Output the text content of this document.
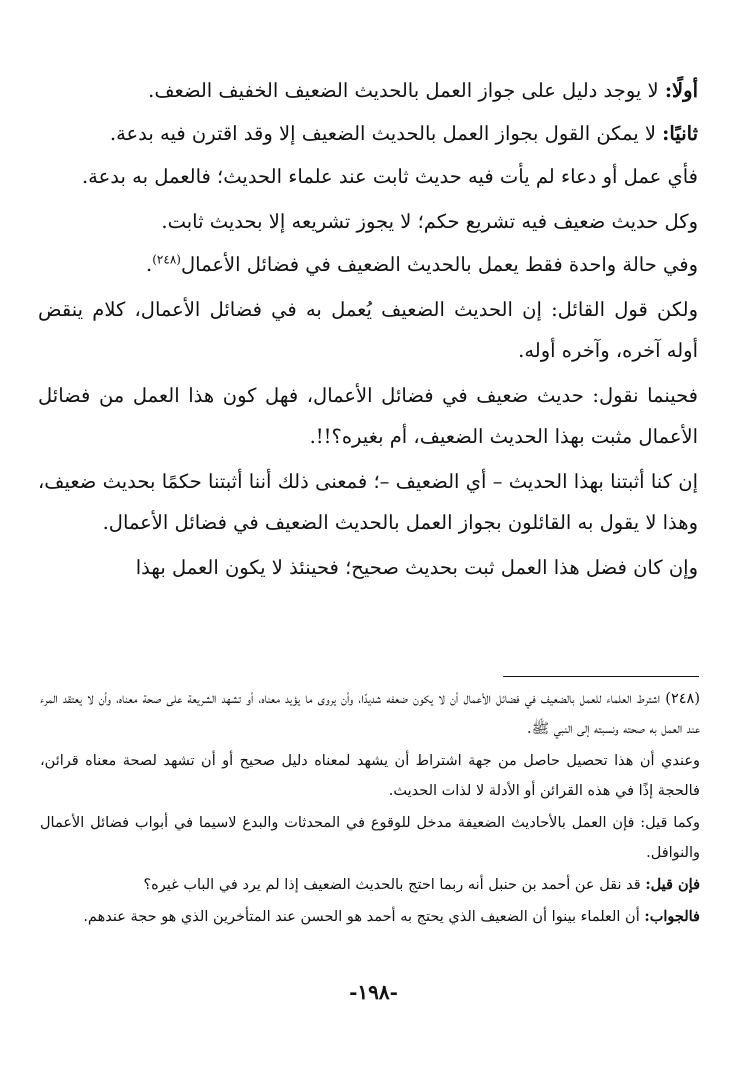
أولًا: لا يوجد دليل على جواز العمل بالحديث الضعيف الخفيف الضعف.

ثانيًا: لا يمكن القول بجواز العمل بالحديث الضعيف إلا وقد اقترن فيه بدعة.

فأي عمل أو دعاء لم يأت فيه حديث ثابت عند علماء الحديث؛ فالعمل به بدعة.

وكل حديث ضعيف فيه تشريع حكم؛ لا يجوز تشريعه إلا بحديث ثابت.

وفي حالة واحدة فقط يعمل بالحديث الضعيف في فضائل الأعمال$^{(٢٤٨)}$.

ولكن قول القائل: إن الحديث الضعيف يُعمل به في فضائل الأعمال، كلام ينقض أوله آخره، وآخره أوله.

فحينما نقول: حديث ضعيف في فضائل الأعمال، فهل كون هذا العمل من فضائل الأعمال مثبت بهذا الحديث الضعيف، أم بغيره؟!!.

إن كنا أثبتنا بهذا الحديث – أي الضعيف –؛ فمعنى ذلك أننا أثبتنا حكمًا بحديث ضعيف، وهذا لا يقول به القائلون بجواز العمل بالحديث الضعيف في فضائل الأعمال.

وإن كان فضل هذا العمل ثبت بحديث صحيح؛ فحينئذ لا يكون العمل بهذا

(٢٤٨) اشترط العلماء للعمل بالضعيف في فضائل الأعمال أن لا يكون ضعفه شديدًا، وأن يروى ما يؤيد معناه، أو تشهد الشريعة على صحة معناه، وأن لا يعتقد المرء عند العمل به صحته ونسبته إلى النبي ﷺ.

وعندي أن هذا تحصيل حاصل من جهة اشتراط أن يشهد لمعناه دليل صحيح أو أن تشهد لصحة معناه قرائن، فالحجة إذًا في هذه القرائن أو الأدلة لا لذات الحديث.

وكما قيل: فإن العمل بالأحاديث الضعيفة مدخل للوقوع في المحدثات والبدع لاسيما في أبواب فضائل الأعمال والنوافل.

فإن قيل: قد نقل عن أحمد بن حنبل أنه ربما احتج بالحديث الضعيف إذا لم يرد في الباب غيره؟

فالجواب: أن العلماء بينوا أن الضعيف الذي يحتج به أحمد هو الحسن عند المتأخرين الذي هو حجة عندهم.

-١٩٨-
